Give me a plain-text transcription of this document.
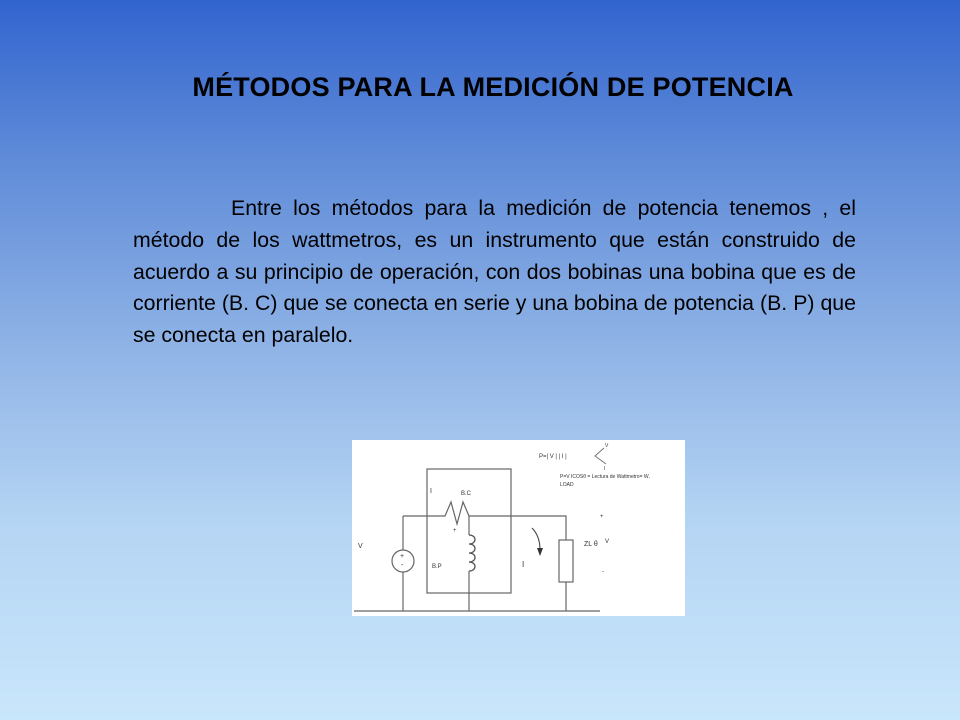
MÉTODOS PARA LA MEDICIÓN DE POTENCIA

Entre los métodos para la medición de potencia tenemos , el método de los wattmetros, es un instrumento que están construido de acuerdo a su principio de operación, con dos bobinas una bobina que es de corriente (B. C) que se conecta en serie y una bobina de potencia (B. P) que se conecta en paralelo.

+
-
V
I	B.C
B.P
+
I
ZL θ
+
V
-
P=| V | | I |
P=V ICOSθ = Lectura de Wattmetro= W,
LOAD
V
I
